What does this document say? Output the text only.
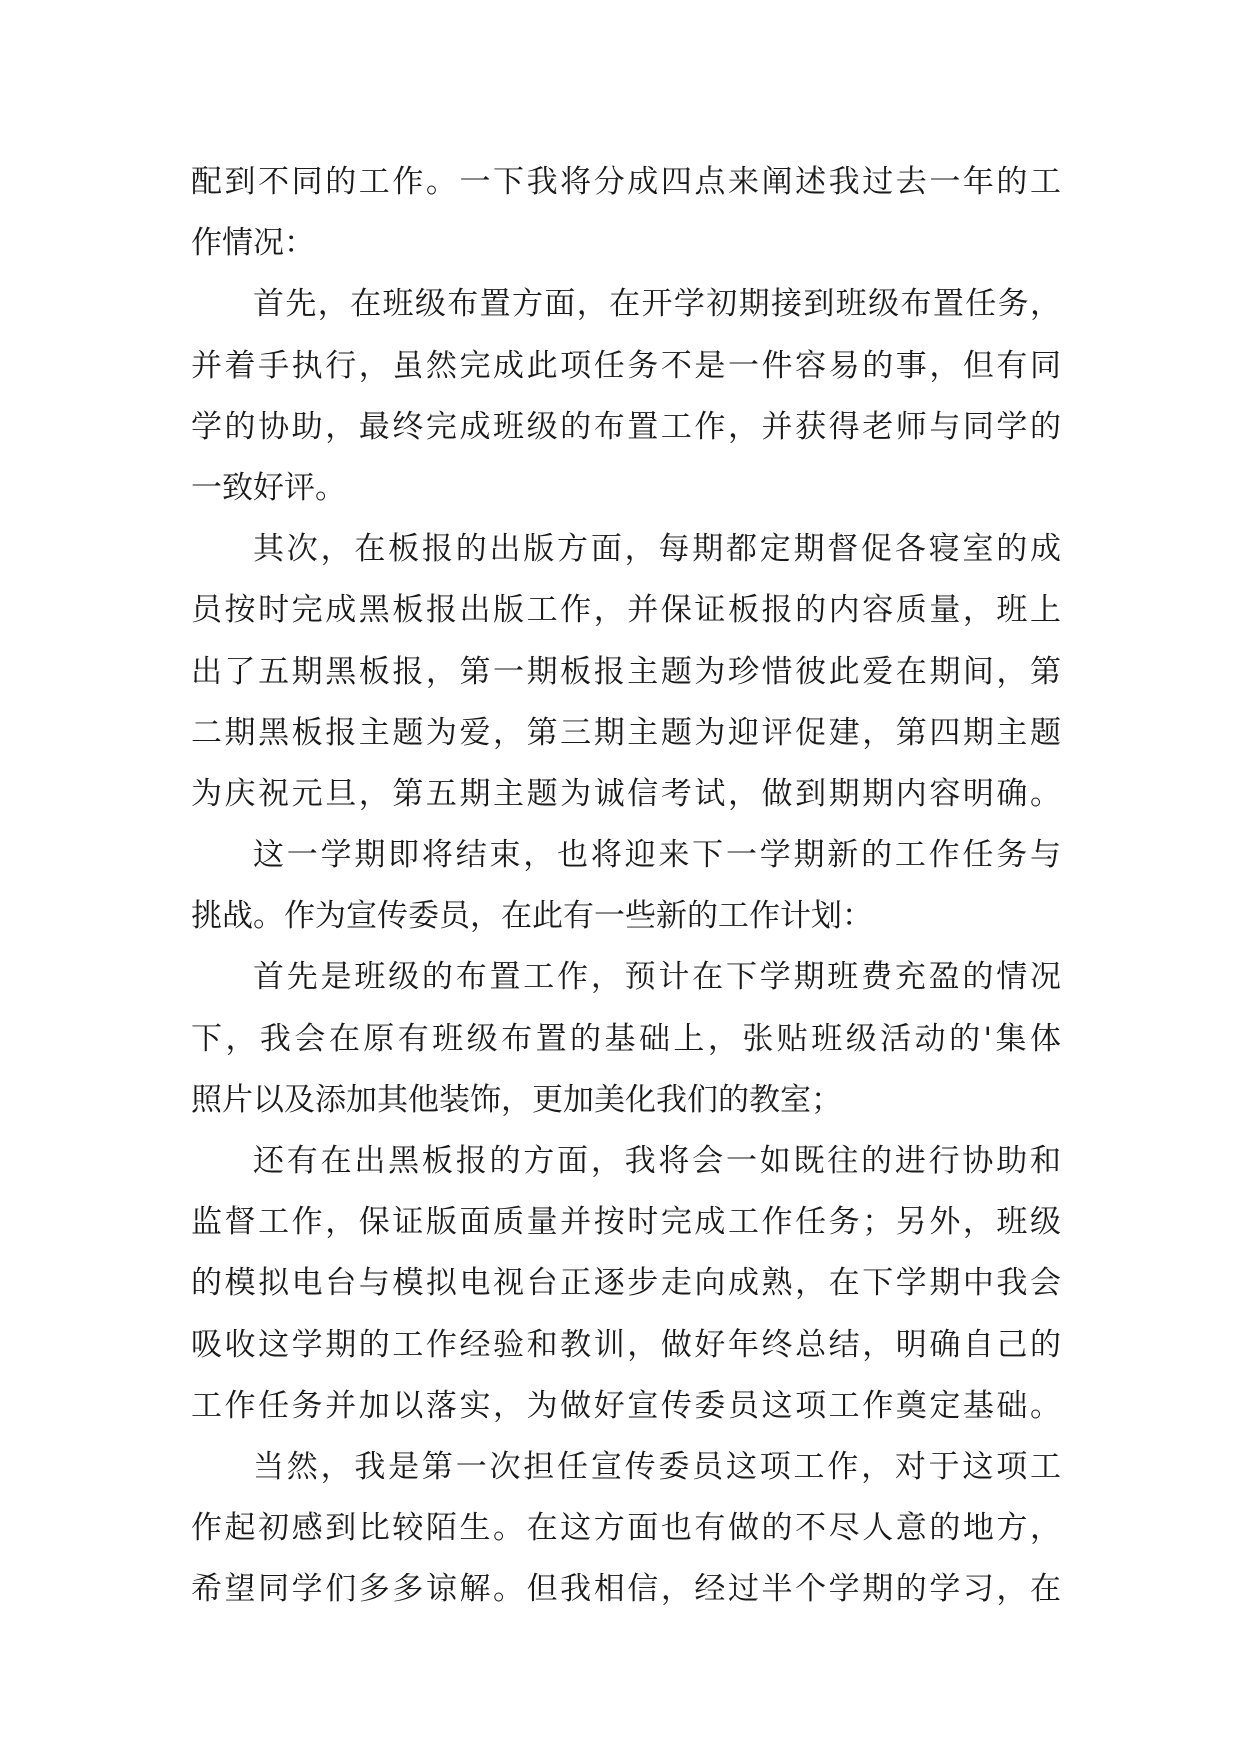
配到不同的工作。一下我将分成四点来阐述我过去一年的工
作情况：
首先，在班级布置方面，在开学初期接到班级布置任务，
并着手执行，虽然完成此项任务不是一件容易的事，但有同
学的协助，最终完成班级的布置工作，并获得老师与同学的
一致好评。
其次，在板报的出版方面，每期都定期督促各寝室的成
员按时完成黑板报出版工作，并保证板报的内容质量，班上
出了五期黑板报，第一期板报主题为珍惜彼此爱在期间，第
二期黑板报主题为爱，第三期主题为迎评促建，第四期主题
为庆祝元旦，第五期主题为诚信考试，做到期期内容明确。
这一学期即将结束，也将迎来下一学期新的工作任务与
挑战。作为宣传委员，在此有一些新的工作计划：
首先是班级的布置工作，预计在下学期班费充盈的情况
下，我会在原有班级布置的基础上，张贴班级活动的'集体
照片以及添加其他装饰，更加美化我们的教室；
还有在出黑板报的方面，我将会一如既往的进行协助和
监督工作，保证版面质量并按时完成工作任务；另外，班级
的模拟电台与模拟电视台正逐步走向成熟，在下学期中我会
吸收这学期的工作经验和教训，做好年终总结，明确自己的
工作任务并加以落实，为做好宣传委员这项工作奠定基础。
当然，我是第一次担任宣传委员这项工作，对于这项工
作起初感到比较陌生。在这方面也有做的不尽人意的地方，
希望同学们多多谅解。但我相信，经过半个学期的学习，在
